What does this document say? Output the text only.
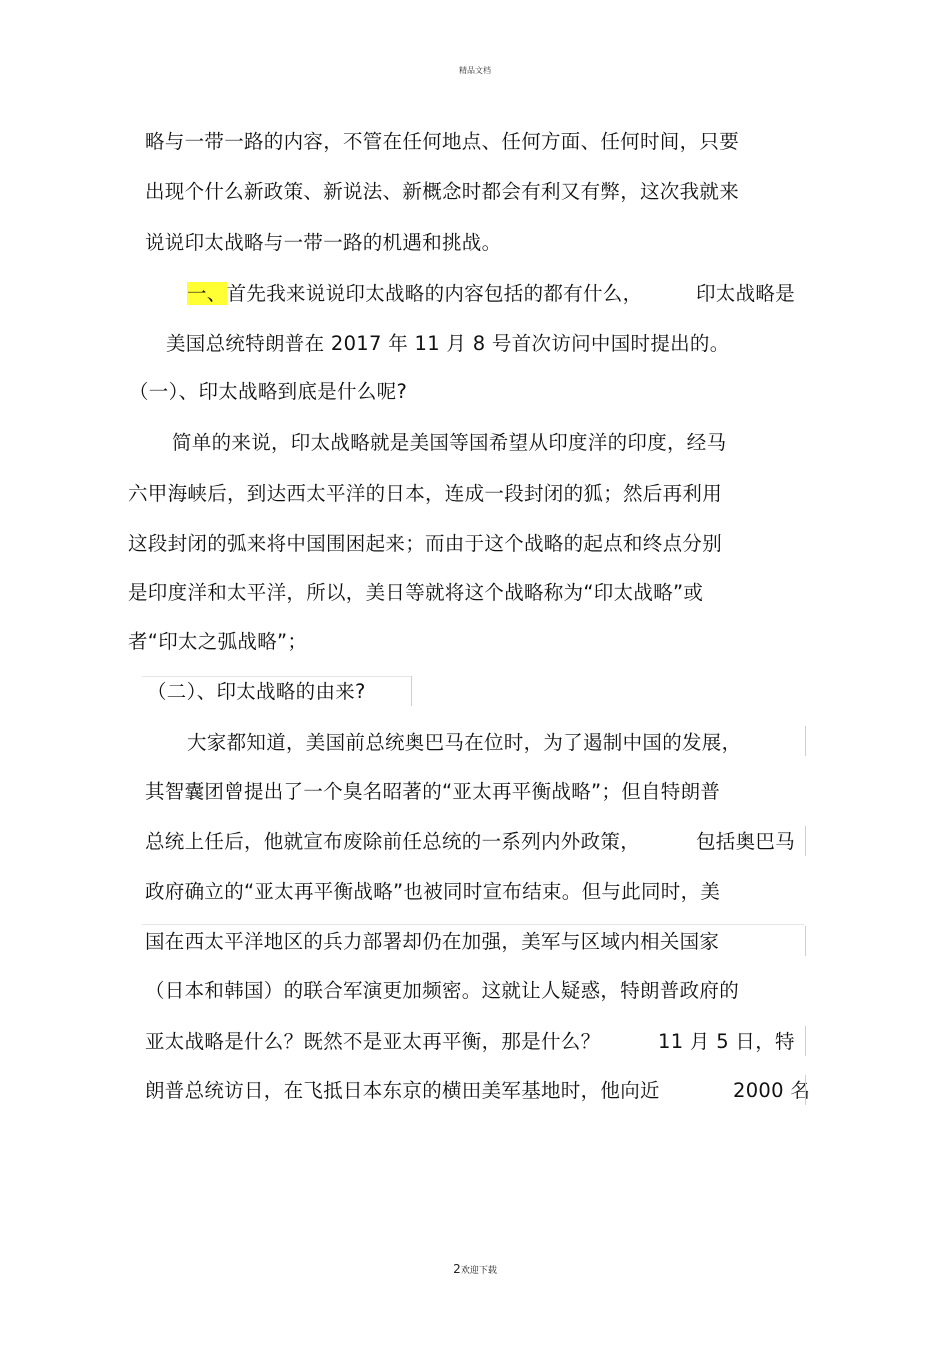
精品文档
略与一带一路的内容，不管在任何地点、任何方面、任何时间，只要
出现个什么新政策、新说法、新概念时都会有利又有弊，这次我就来
说说印太战略与一带一路的机遇和挑战。
一、首先我来说说印太战略的内容包括的都有什么，	印太战略是
美国总统特朗普在 2017 年 11 月 8 号首次访问中国时提出的。
（一）、印太战略到底是什么呢?
简单的来说，印太战略就是美国等国希望从印度洋的印度，经马
六甲海峡后，到达西太平洋的日本，连成一段封闭的狐；然后再利用
这段封闭的弧来将中国围困起来；而由于这个战略的起点和终点分别
是印度洋和太平洋，所以，美日等就将这个战略称为“印太战略”或
者“印太之弧战略”；
（二）、印太战略的由来?
大家都知道，美国前总统奥巴马在位时，为了遏制中国的发展，
其智囊团曾提出了一个臭名昭著的“亚太再平衡战略”；但自特朗普
总统上任后，他就宣布废除前任总统的一系列内外政策，	包括奥巴马
政府确立的“亚太再平衡战略”也被同时宣布结束。但与此同时，美
国在西太平洋地区的兵力部署却仍在加强，美军与区域内相关国家
（日本和韩国）的联合军演更加频密。这就让人疑惑，特朗普政府的
亚太战略是什么？既然不是亚太再平衡，那是什么？	11 月 5 日，特
朗普总统访日，在飞抵日本东京的横田美军基地时，他向近	2000 名
2欢迎下载
